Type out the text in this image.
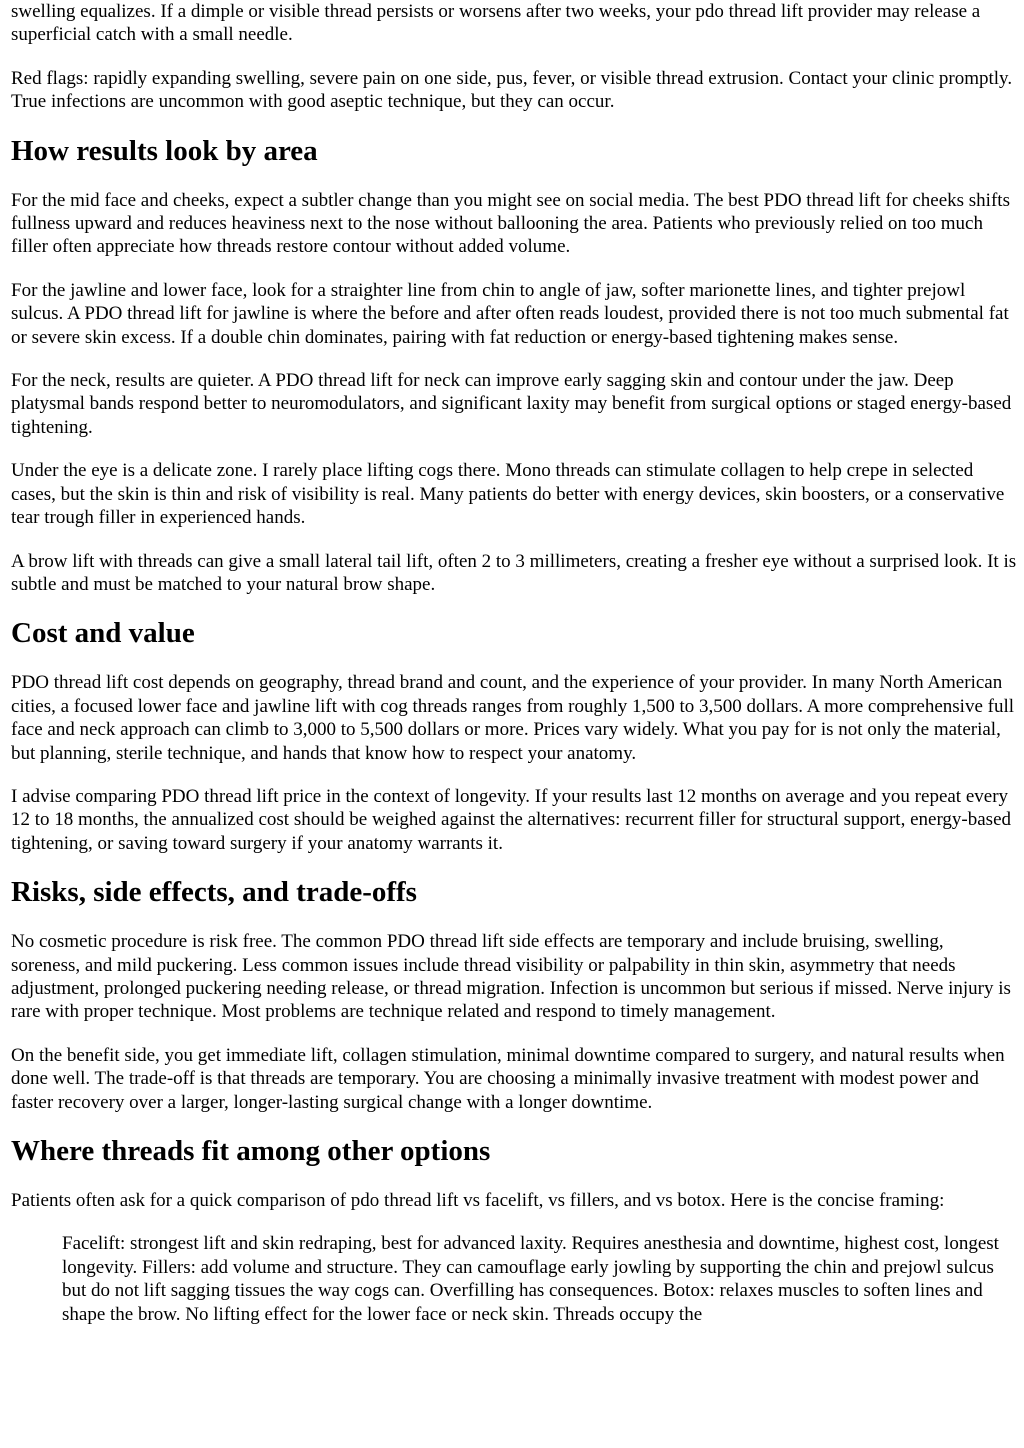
swelling equalizes. If a dimple or visible thread persists or worsens after two weeks, your pdo thread lift provider may release a superficial catch with a small needle.

Red flags: rapidly expanding swelling, severe pain on one side, pus, fever, or visible thread extrusion. Contact your clinic promptly. True infections are uncommon with good aseptic technique, but they can occur.

How results look by area

For the mid face and cheeks, expect a subtler change than you might see on social media. The best PDO thread lift for cheeks shifts fullness upward and reduces heaviness next to the nose without ballooning the area. Patients who previously relied on too much filler often appreciate how threads restore contour without added volume.

For the jawline and lower face, look for a straighter line from chin to angle of jaw, softer marionette lines, and tighter prejowl sulcus. A PDO thread lift for jawline is where the before and after often reads loudest, provided there is not too much submental fat or severe skin excess. If a double chin dominates, pairing with fat reduction or energy-based tightening makes sense.

For the neck, results are quieter. A PDO thread lift for neck can improve early sagging skin and contour under the jaw. Deep platysmal bands respond better to neuromodulators, and significant laxity may benefit from surgical options or staged energy-based tightening.

Under the eye is a delicate zone. I rarely place lifting cogs there. Mono threads can stimulate collagen to help crepe in selected cases, but the skin is thin and risk of visibility is real. Many patients do better with energy devices, skin boosters, or a conservative tear trough filler in experienced hands.

A brow lift with threads can give a small lateral tail lift, often 2 to 3 millimeters, creating a fresher eye without a surprised look. It is subtle and must be matched to your natural brow shape.

Cost and value

PDO thread lift cost depends on geography, thread brand and count, and the experience of your provider. In many North American cities, a focused lower face and jawline lift with cog threads ranges from roughly 1,500 to 3,500 dollars. A more comprehensive full face and neck approach can climb to 3,000 to 5,500 dollars or more. Prices vary widely. What you pay for is not only the material, but planning, sterile technique, and hands that know how to respect your anatomy.

I advise comparing PDO thread lift price in the context of longevity. If your results last 12 months on average and you repeat every 12 to 18 months, the annualized cost should be weighed against the alternatives: recurrent filler for structural support, energy-based tightening, or saving toward surgery if your anatomy warrants it.

Risks, side effects, and trade-offs

No cosmetic procedure is risk free. The common PDO thread lift side effects are temporary and include bruising, swelling, soreness, and mild puckering. Less common issues include thread visibility or palpability in thin skin, asymmetry that needs adjustment, prolonged puckering needing release, or thread migration. Infection is uncommon but serious if missed. Nerve injury is rare with proper technique. Most problems are technique related and respond to timely management.

On the benefit side, you get immediate lift, collagen stimulation, minimal downtime compared to surgery, and natural results when done well. The trade-off is that threads are temporary. You are choosing a minimally invasive treatment with modest power and faster recovery over a larger, longer-lasting surgical change with a longer downtime.

Where threads fit among other options

Patients often ask for a quick comparison of pdo thread lift vs facelift, vs fillers, and vs botox. Here is the concise framing:

Facelift: strongest lift and skin redraping, best for advanced laxity. Requires anesthesia and downtime, highest cost, longest longevity. Fillers: add volume and structure. They can camouflage early jowling by supporting the chin and prejowl sulcus but do not lift sagging tissues the way cogs can. Overfilling has consequences. Botox: relaxes muscles to soften lines and shape the brow. No lifting effect for the lower face or neck skin. Threads occupy the
